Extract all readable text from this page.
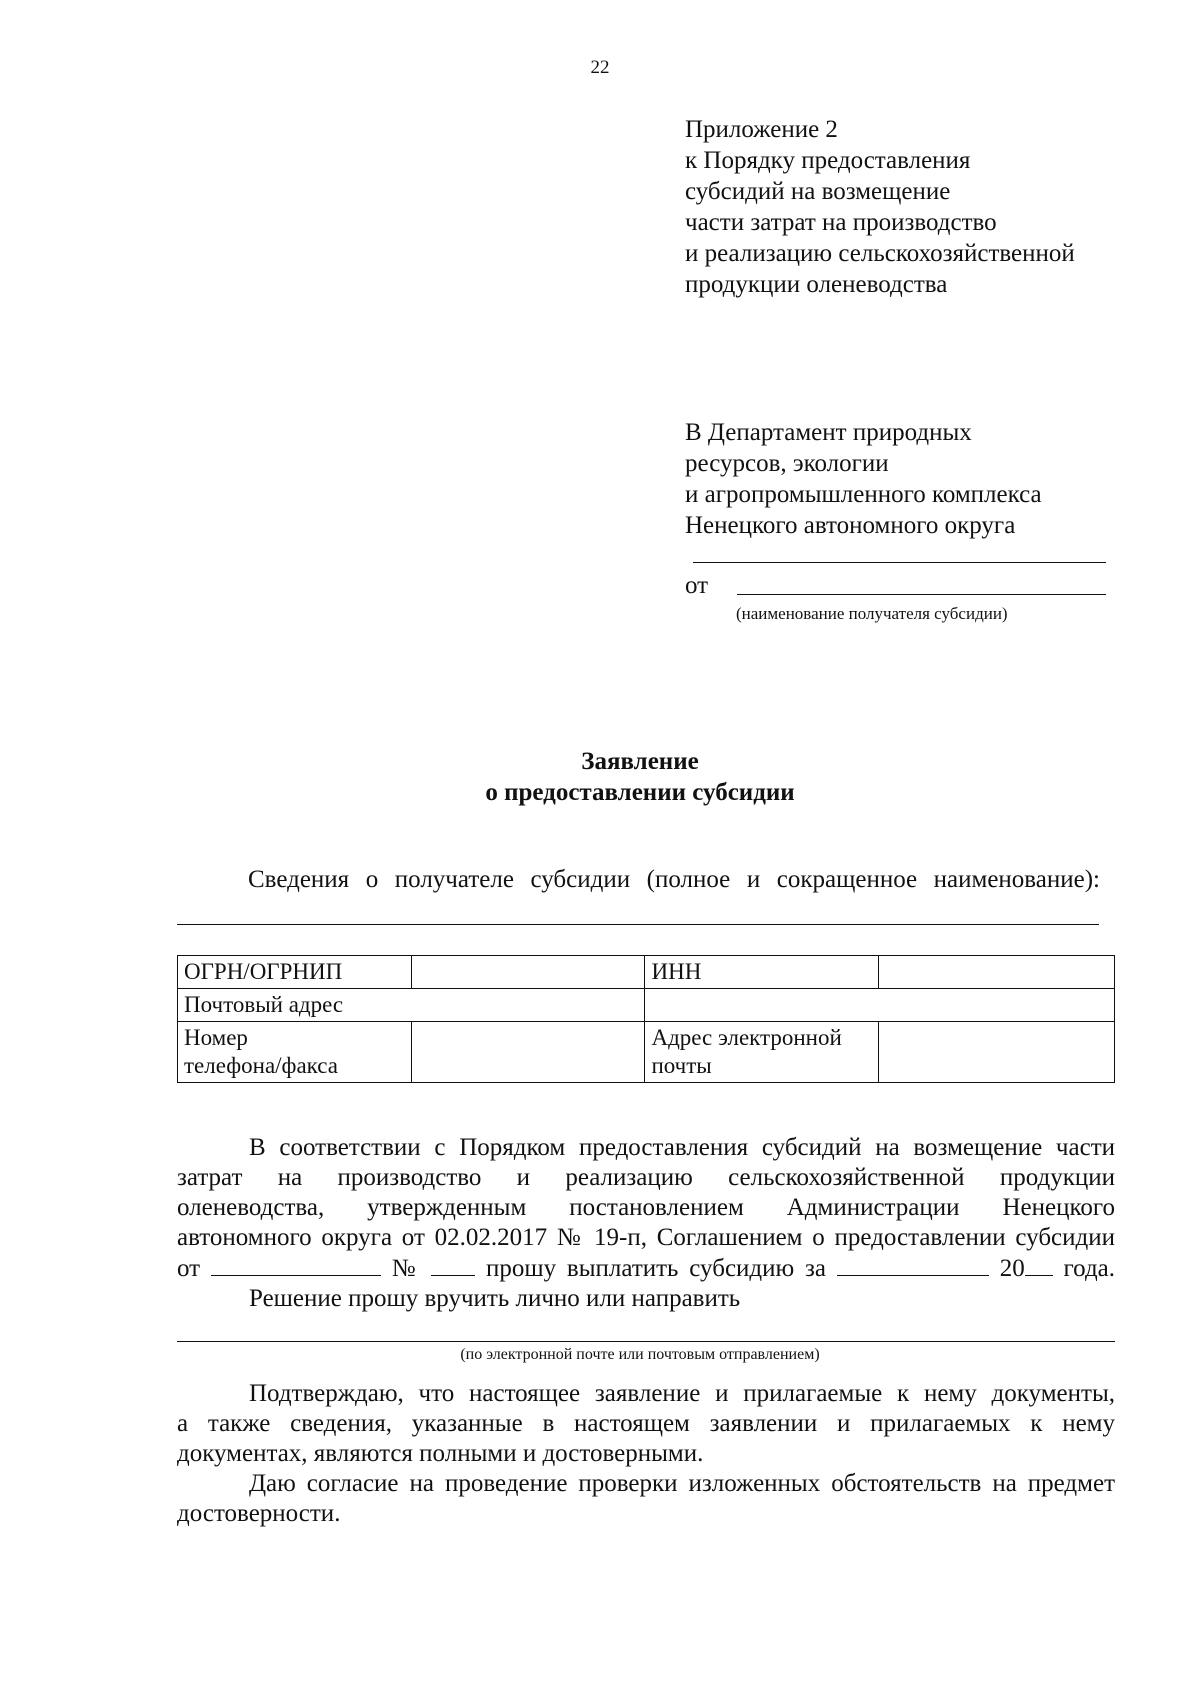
22
Приложение 2
к Порядку предоставления
субсидий на возмещение
части затрат на производство
и реализацию сельскохозяйственной
продукции оленеводства
В Департамент природных
ресурсов, экологии
и агропромышленного комплекса
Ненецкого автономного округа
от
(наименование получателя субсидии)
Заявление
о предоставлении субсидии
Сведения о получателе субсидии (полное и сокращенное наименование):
ОГРН/ОГРНИП		ИНН	
Почтовый адрес			
Номер
телефона/факса		Адрес электронной
почты	
В соответствии с Порядком предоставления субсидий на возмещение части
затрат на производство и реализацию сельскохозяйственной продукции
оленеводства, утвержденным постановлением Администрации Ненецкого
автономного округа от 02.02.2017 № 19-п, Соглашением о предоставлении субсидии
от	№	прошу выплатить субсидию за	20 года.
Решение прошу вручить лично или направить
(по электронной почте или почтовым отправлением)
Подтверждаю, что настоящее заявление и прилагаемые к нему документы,
а также сведения, указанные в настоящем заявлении и прилагаемых к нему
документах, являются полными и достоверными.
Даю согласие на проведение проверки изложенных обстоятельств на предмет
достоверности.
